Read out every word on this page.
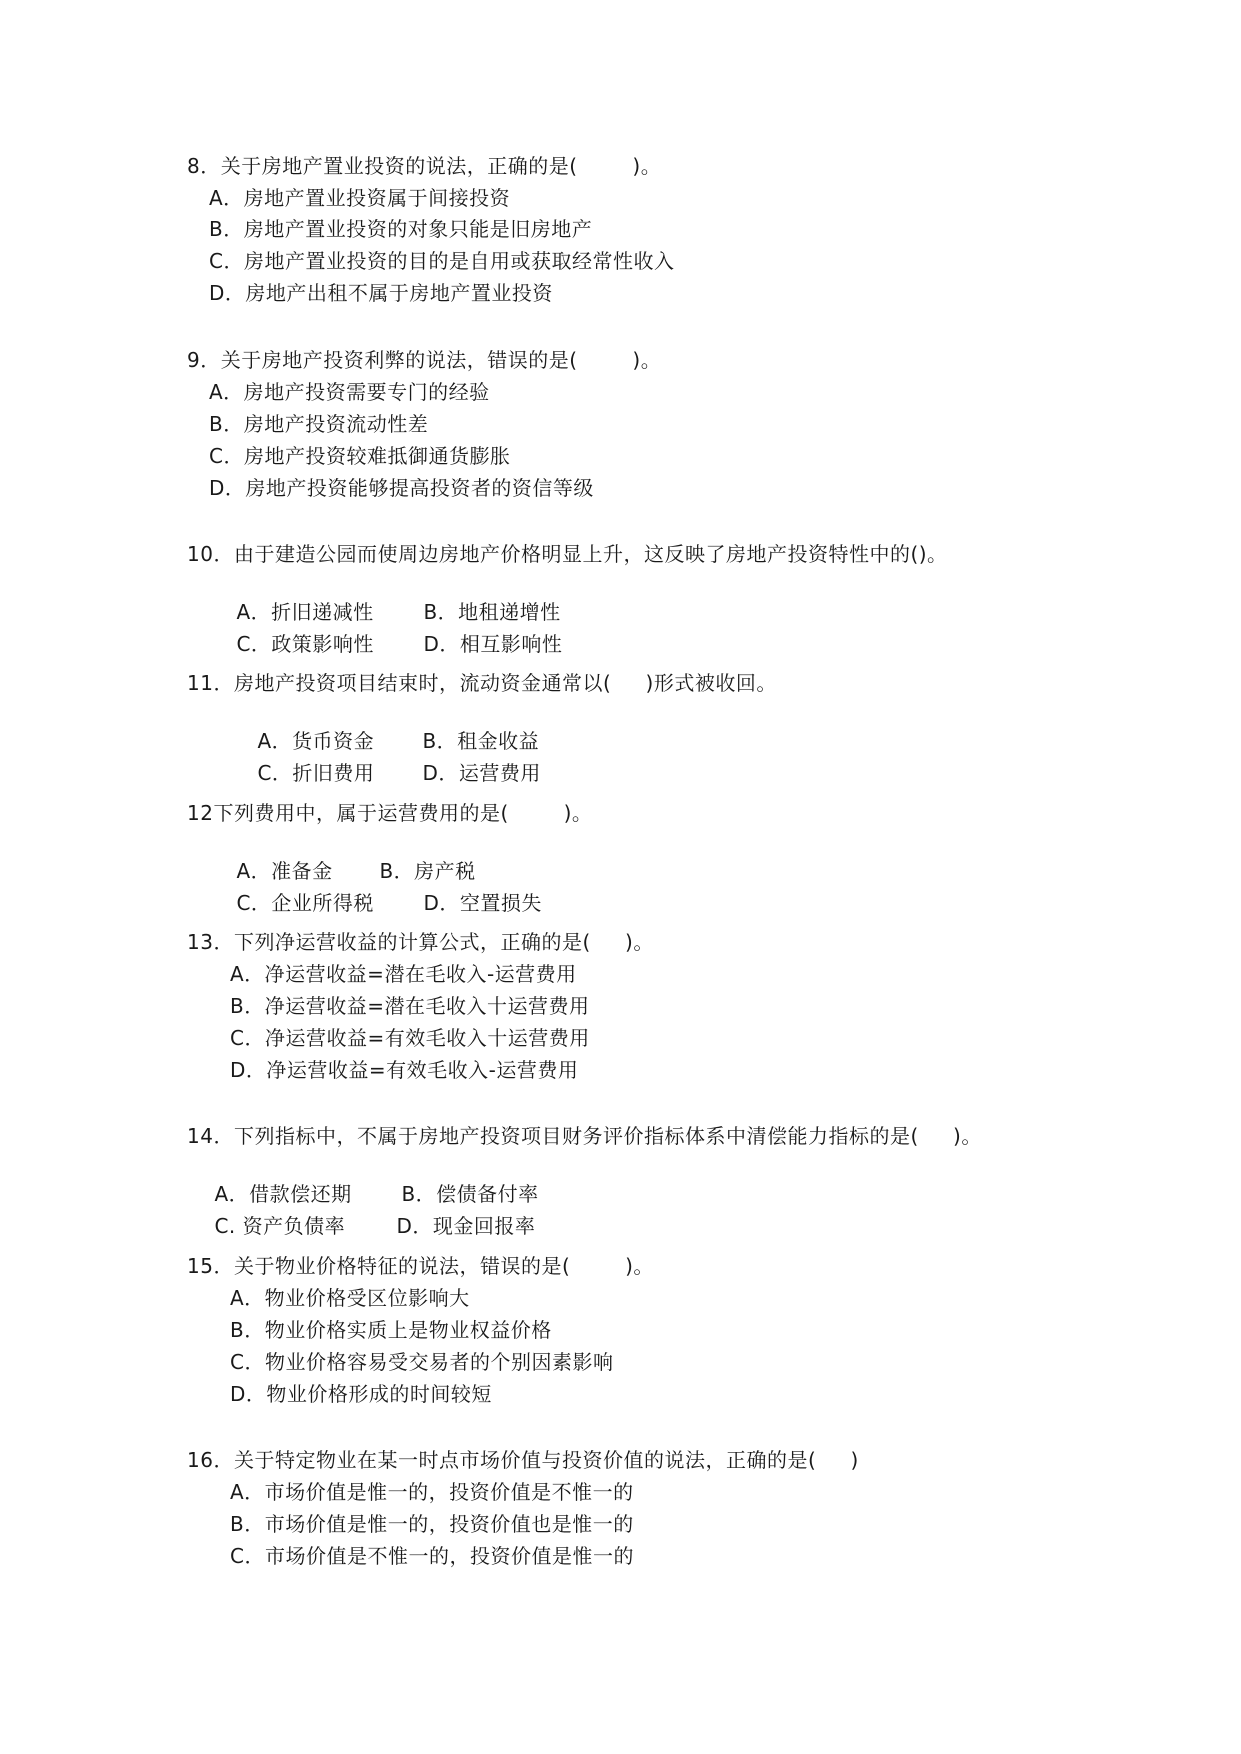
8．关于房地产置业投资的说法，正确的是(        )。
A．房地产置业投资属于间接投资
B．房地产置业投资的对象只能是旧房地产
C．房地产置业投资的目的是自用或获取经常性收入
D．房地产出租不属于房地产置业投资
9．关于房地产投资利弊的说法，错误的是(        )。
A．房地产投资需要专门的经验
B．房地产投资流动性差
C．房地产投资较难抵御通货膨胀
D．房地产投资能够提高投资者的资信等级
10．由于建造公园而使周边房地产价格明显上升，这反映了房地产投资特性中的()。

A．折旧递减性 B．地租递增性

C．政策影响性 D．相互影响性

11．房地产投资项目结束时，流动资金通常以(     )形式被收回。

A．货币资金 B．租金收益

C．折旧费用 D．运营费用

12下列费用中，属于运营费用的是(        )。

A．准备金 B．房产税

C．企业所得税 D．空置损失

13．下列净运营收益的计算公式，正确的是(     )。
A．净运营收益=潜在毛收入-运营费用
B．净运营收益=潜在毛收入十运营费用
C．净运营收益=有效毛收入十运营费用
D．净运营收益=有效毛收入-运营费用
14．下列指标中，不属于房地产投资项目财务评价指标体系中清偿能力指标的是(     )。

A．借款偿还期 B．偿债备付率

C. 资产负债率	D．现金回报率

15．关于物业价格特征的说法，错误的是(        )。
A．物业价格受区位影响大
B．物业价格实质上是物业权益价格
C．物业价格容易受交易者的个别因素影响
D．物业价格形成的时间较短
16．关于特定物业在某一时点市场价值与投资价值的说法，正确的是(     )
A．市场价值是惟一的，投资价值是不惟一的
B．市场价值是惟一的，投资价值也是惟一的
C．市场价值是不惟一的，投资价值是惟一的
